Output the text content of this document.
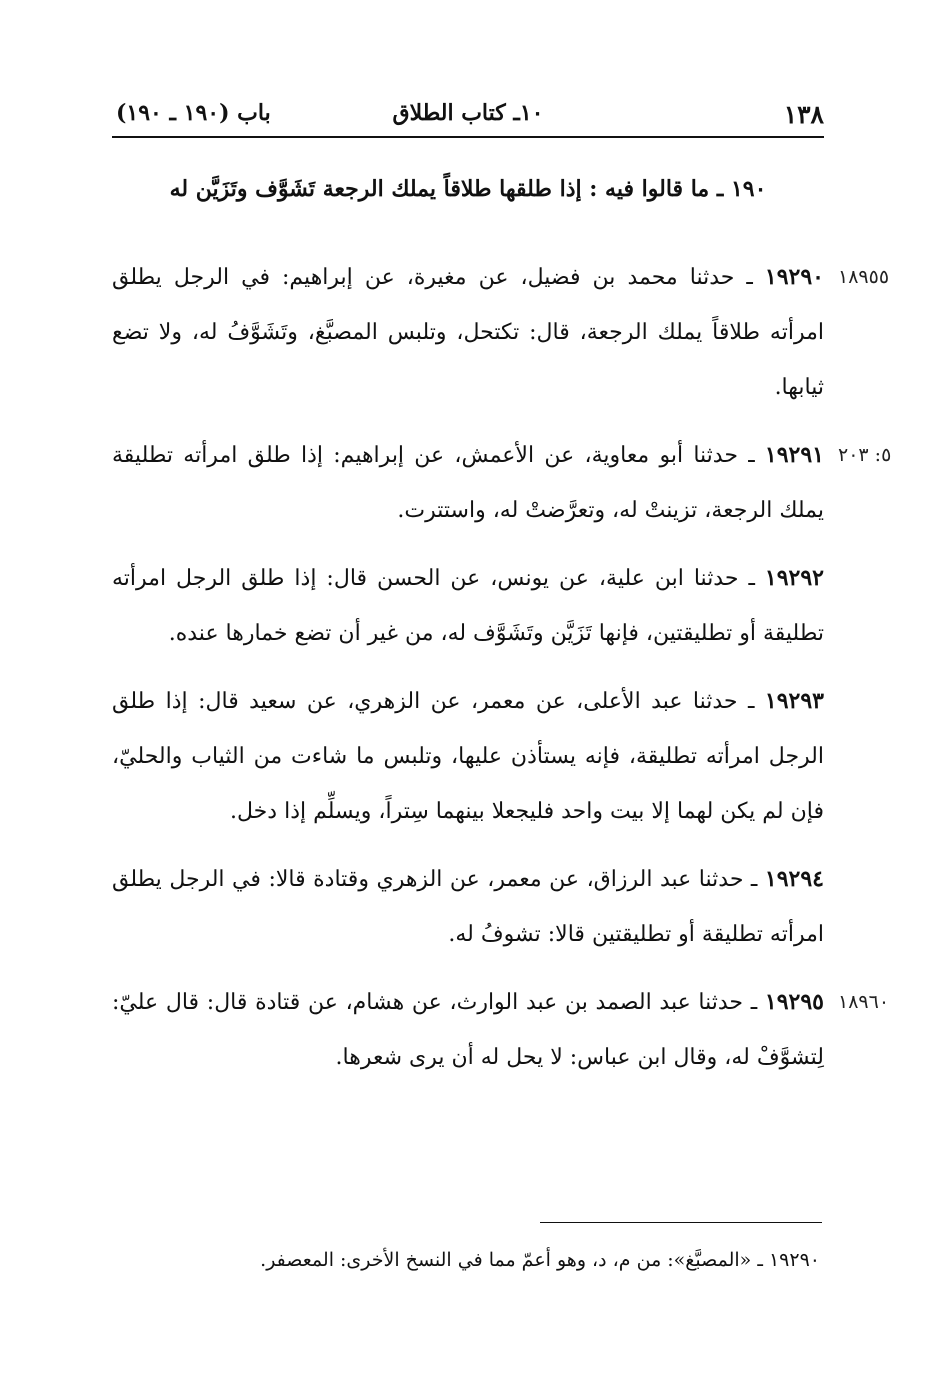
١٣٨
١٠ـ كتاب الطلاق
باب (١٩٠ ـ ١٩٠)
١٩٠ ـ ما قالوا فيه : إذا طلقها طلاقاً يملك الرجعة تَشَوَّف وتَزَيَّن له
١٨٩٥٥
١٩٢٩٠ ـ حدثنا محمد بن فضيل، عن مغيرة، عن إبراهيم: في الرجل يطلق امرأته طلاقاً يملك الرجعة، قال: تكتحل، وتلبس المصبَّغ، وتَشَوَّفُ له، ولا تضع ثيابها.
٥: ٢٠٣
١٩٢٩١ ـ حدثنا أبو معاوية، عن الأعمش، عن إبراهيم: إذا طلق امرأته تطليقة يملك الرجعة، تزينتْ له، وتعرَّضتْ له، واستترت.
١٩٢٩٢ ـ حدثنا ابن علية، عن يونس، عن الحسن قال: إذا طلق الرجل امرأته تطليقة أو تطليقتين، فإنها تَزَيَّن وتَشَوَّف له، من غير أن تضع خمارها عنده.
١٩٢٩٣ ـ حدثنا عبد الأعلى، عن معمر، عن الزهري، عن سعيد قال: إذا طلق الرجل امرأته تطليقة، فإنه يستأذن عليها، وتلبس ما شاءت من الثياب والحليّ، فإن لم يكن لهما إلا بيت واحد فليجعلا بينهما سِتراً، ويسلِّم إذا دخل.
١٩٢٩٤ ـ حدثنا عبد الرزاق، عن معمر، عن الزهري وقتادة قالا: في الرجل يطلق امرأته تطليقة أو تطليقتين قالا: تشوفُ له.
١٨٩٦٠
١٩٢٩٥ ـ حدثنا عبد الصمد بن عبد الوارث، عن هشام، عن قتادة قال: قال عليّ: لِتشوَّفْ له، وقال ابن عباس: لا يحل له أن يرى شعرها.
١٩٢٩٠ ـ «المصبَّغ»: من م، د، وهو أعمّ مما في النسخ الأخرى: المعصفر.
